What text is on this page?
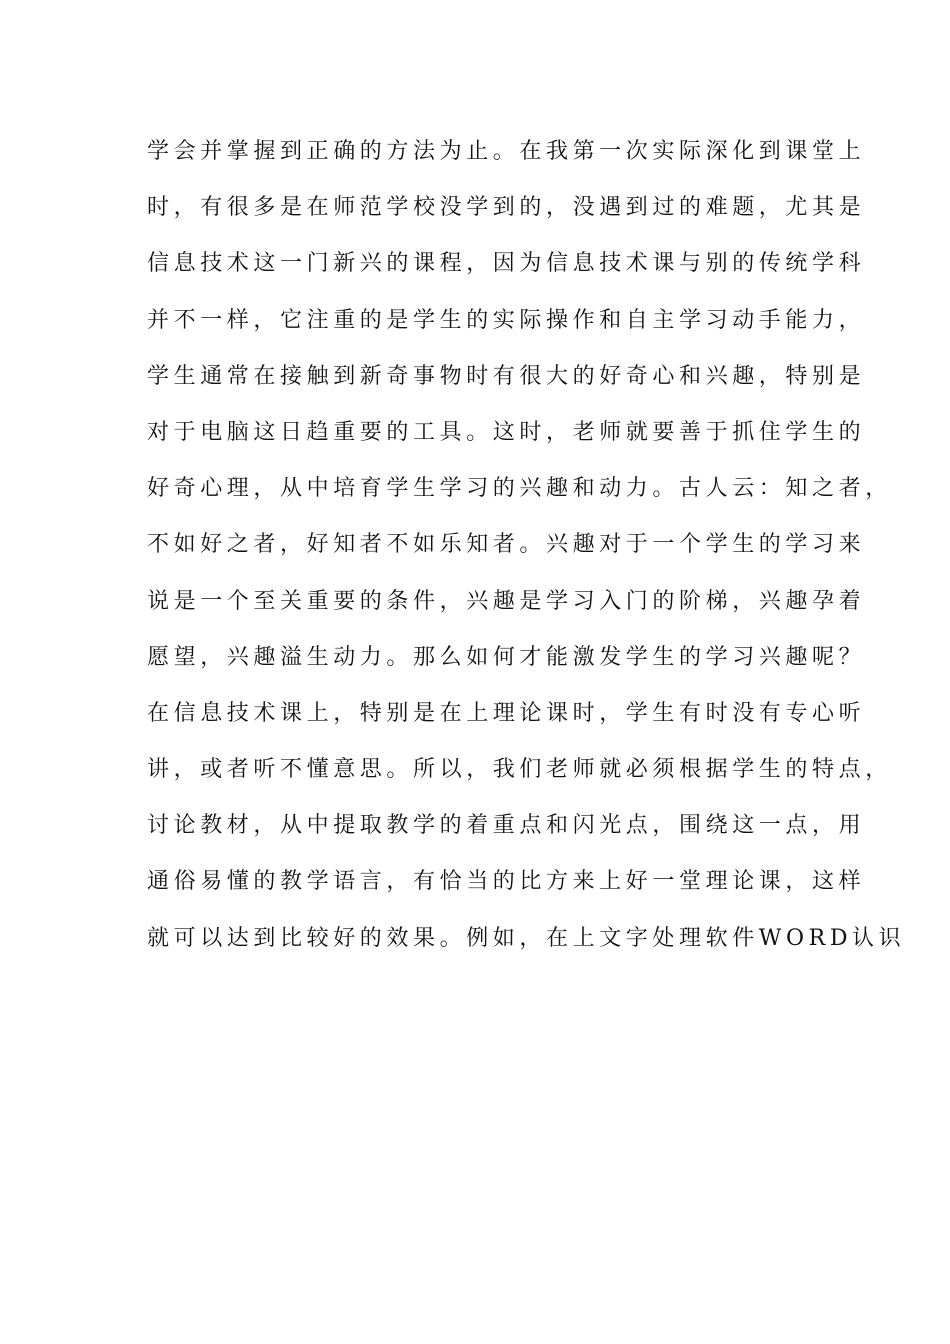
学会并掌握到正确的方法为止。在我第一次实际深化到课堂上
时，有很多是在师范学校没学到的，没遇到过的难题，尤其是
信息技术这一门新兴的课程，因为信息技术课与别的传统学科
并不一样，它注重的是学生的实际操作和自主学习动手能力，
学生通常在接触到新奇事物时有很大的好奇心和兴趣，特别是
对于电脑这日趋重要的工具。这时，老师就要善于抓住学生的
好奇心理，从中培育学生学习的兴趣和动力。古人云：知之者，
不如好之者，好知者不如乐知者。兴趣对于一个学生的学习来
说是一个至关重要的条件，兴趣是学习入门的阶梯，兴趣孕着
愿望，兴趣溢生动力。那么如何才能激发学生的学习兴趣呢？
在信息技术课上，特别是在上理论课时，学生有时没有专心听
讲，或者听不懂意思。所以，我们老师就必须根据学生的特点，
讨论教材，从中提取教学的着重点和闪光点，围绕这一点，用
通俗易懂的教学语言，有恰当的比方来上好一堂理论课，这样
就可以达到比较好的效果。例如，在上文字处理软件WORD认识
